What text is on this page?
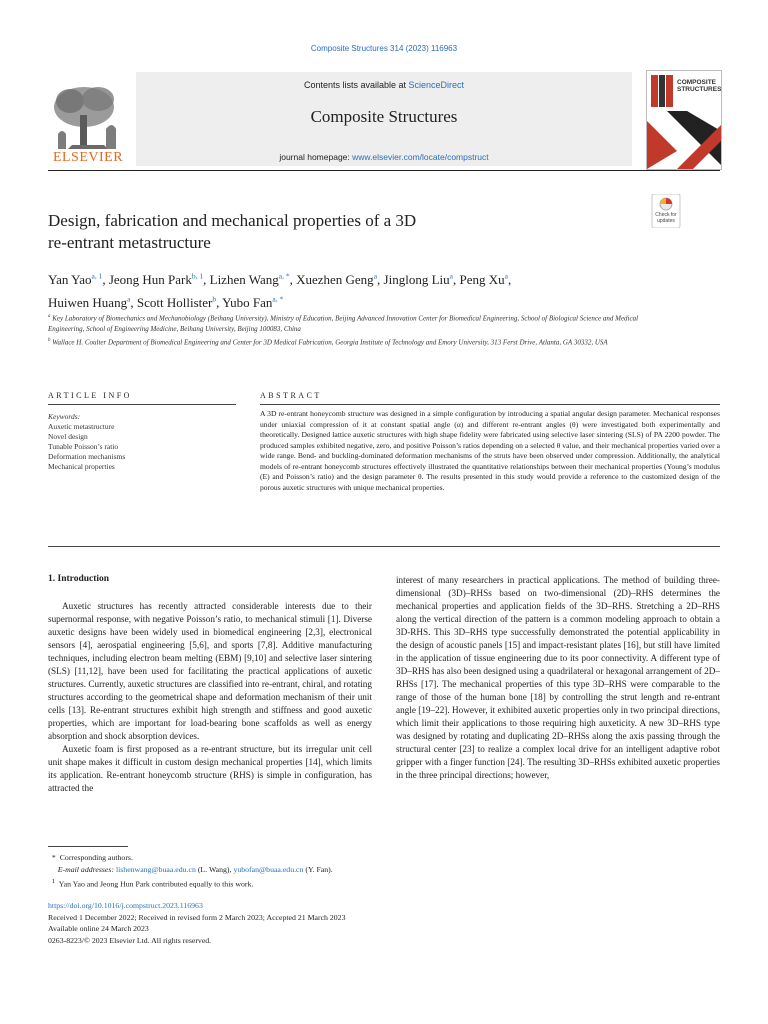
Composite Structures 314 (2023) 116963
ELSEVIER
Contents lists available at ScienceDirect
Composite Structures
journal homepage: www.elsevier.com/locate/compstruct
COMPOSITE STRUCTURES
Check for updates
Design, fabrication and mechanical properties of a 3D
re-entrant metastructure
Yan Yao$^{a, 1}$, Jeong Hun Park$^{b, 1}$, Lizhen Wang$^{a, *}$, Xuezhen Geng$^a$, Jinglong Liu$^a$, Peng Xu$^a$,
Huiwen Huang$^a$, Scott Hollister$^b$, Yubo Fan$^{a, *}$
$^a$ Key Laboratory of Biomechanics and Mechanobiology (Beihang University), Ministry of Education, Beijing Advanced Innovation Center for Biomedical Engineering, School of Biological Science and Medical Engineering, School of Engineering Medicine, Beihang University, Beijing 100083, China
$^b$ Wallace H. Coulter Department of Biomedical Engineering and Center for 3D Medical Fabrication, Georgia Institute of Technology and Emory University, 313 Ferst Drive, Atlanta, GA 30332, USA
ARTICLE INFO	ABSTRACT
Keywords:
Auxetic metastructure
Novel design
Tunable Poisson’s ratio
Deformation mechanisms
Mechanical properties
A 3D re-entrant honeycomb structure was designed in a simple configuration by introducing a spatial angular design parameter. Mechanical responses under uniaxial compression of it at constant spatial angle (α) and different re-entrant angles (θ) were investigated both experimentally and theoretically. Designed lattice auxetic structures with high shape fidelity were fabricated using selective laser sintering (SLS) of PA 2200 powder. The produced samples exhibited negative, zero, and positive Poisson’s ratios depending on a selected θ value, and their mechanical properties varied over a wide range. Bend- and buckling-dominated deformation mechanisms of the struts have been observed under compression. Additionally, the analytical models of re-entrant honeycomb structures effectively illustrated the quantitative relationships between their mechanical properties (Young’s modulus (E) and Poisson’s ratio) and the design parameter θ. The results presented in this study would provide a reference to the customized design of the porous auxetic structures with unique mechanical properties.
1. Introduction

Auxetic structures has recently attracted considerable interests due to their supernormal response, with negative Poisson’s ratio, to mechanical stimuli [1]. Diverse auxetic designs have been widely used in biomedical engineering [2,3], electronical sensors [4], aerospatial engineering [5,6], and sports [7,8]. Additive manufacturing techniques, including electron beam melting (EBM) [9,10] and selective laser sintering (SLS) [11,12], have been used for facilitating the practical applications of auxetic structures. Currently, auxetic structures are classified into re-entrant, chiral, and rotating structures according to the geometrical shape and deformation mechanism of their unit cells [13]. Re-entrant structures exhibit high strength and stiffness and good auxetic properties, which are important for load-bearing bone scaffolds as well as energy absorption and shock absorption devices.

Auxetic foam is first proposed as a re-entrant structure, but its irregular unit cell unit shape makes it difficult in custom design mechanical properties [14], which limits its application. Re-entrant honeycomb structure (RHS) is simple in configuration, has attracted the

interest of many researchers in practical applications. The method of building three-dimensional (3D)–RHSs based on two-dimensional (2D)–RHS determines the mechanical properties and application fields of the 3D–RHS. Stretching a 2D–RHS along the vertical direction of the pattern is a common modeling approach to obtain a 3D-RHS. This 3D–RHS type successfully demonstrated the potential applicability in the design of acoustic panels [15] and impact-resistant plates [16], but still have limited in the application of tissue engineering due to its poor connectivity. A different type of 3D–RHS has also been designed using a quadrilateral or hexagonal arrangement of 2D–RHSs [17]. The mechanical properties of this type 3D–RHS were comparable to the range of those of the human bone [18] by controlling the strut length and re-entrant angle [19–22]. However, it exhibited auxetic properties only in two principal directions, which limit their applications to those requiring high auxeticity. A new 3D–RHS type was designed by rotating and duplicating 2D–RHSs along the axis passing through the structural center [23] to realize a complex local drive for an intelligent adaptive robot gripper with a finger function [24]. The resulting 3D–RHSs exhibited auxetic properties in the three principal directions; however,

* Corresponding authors.
E-mail addresses: lishenwang@buaa.edu.cn (L. Wang), yubofan@buaa.edu.cn (Y. Fan).
$^1$ Yan Yao and Jeong Hun Park contributed equally to this work.
https://doi.org/10.1016/j.compstruct.2023.116963
Received 1 December 2022; Received in revised form 2 March 2023; Accepted 21 March 2023
Available online 24 March 2023
0263-8223/© 2023 Elsevier Ltd. All rights reserved.
